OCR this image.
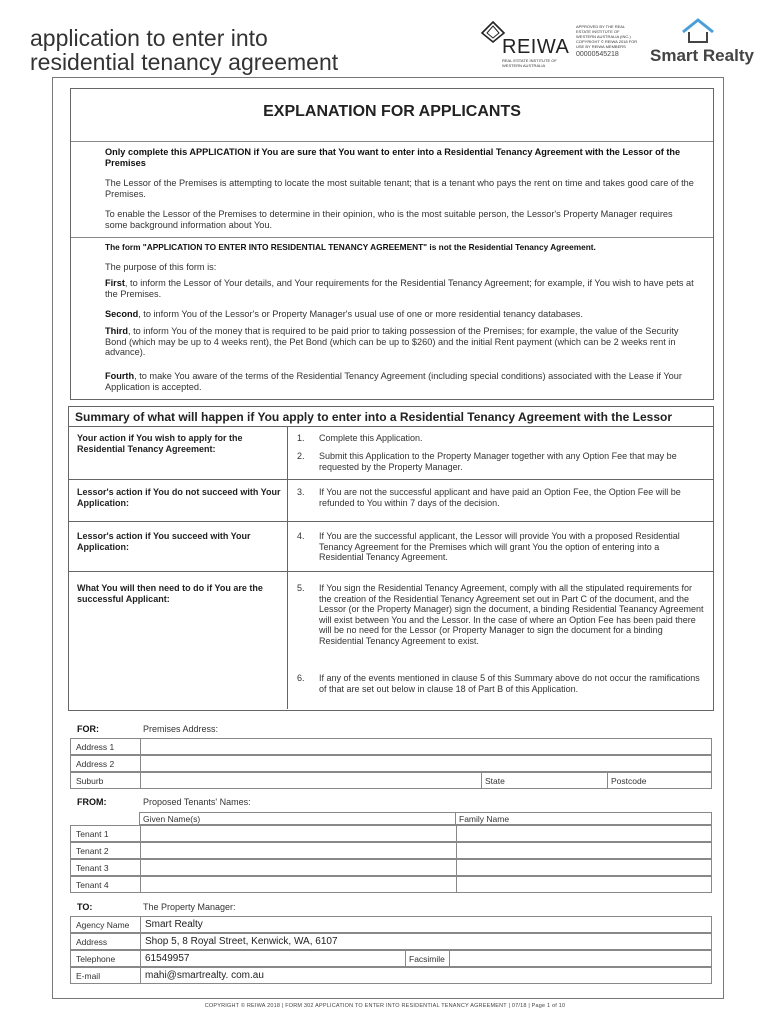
application to enter into
residential tenancy agreement
REIWA
REAL ESTATE INSTITUTE OF WESTERN AUSTRALIA
APPROVED BY THE REAL ESTATE INSTITUTE OF WESTERN AUSTRALIA (INC.) COPYRIGHT © REIWA 2018 FOR USE BY REIWA MEMBERS
0000054521​8	Smart Realty
EXPLANATION FOR APPLICANTS
Only complete this APPLICATION if You are sure that You want to enter into a Residential Tenancy Agreement with the Lessor of the Premises
The Lessor of the Premises is attempting to locate the most suitable tenant; that is a tenant who pays the rent on time and takes good care of the Premises.
To enable the Lessor of the Premises to determine in their opinion, who is the most suitable person, the Lessor's Property Manager requires some background information about You.
The form "APPLICATION TO ENTER INTO RESIDENTIAL TENANCY AGREEMENT" is not the Residential Tenancy Agreement.
The purpose of this form is:
First, to inform the Lessor of Your details, and Your requirements for the Residential Tenancy Agreement; for example, if You wish to have pets at the Premises.
Second, to inform You of the Lessor's or Property Manager's usual use of one or more residential tenancy databases.
Third, to inform You of the money that is required to be paid prior to taking possession of the Premises; for example, the value of the Security Bond (which may be up to 4 weeks rent), the Pet Bond (which can be up to $260) and the initial Rent payment (which can be 2 weeks rent in advance).
Fourth, to make You aware of the terms of the Residential Tenancy Agreement (including special conditions) associated with the Lease if Your Application is accepted.
Summary of what will happen if You apply to enter into a Residential Tenancy Agreement with the Lessor
Your action if You wish to apply for the Residential Tenancy Agreement:
1.	Complete this Application.
2.	Submit this Application to the Property Manager together with any Option Fee that may be requested by the Property Manager.
Lessor's action if You do not succeed with Your Application:
3.	If You are not the successful applicant and have paid an Option Fee, the Option Fee will be refunded to You within 7 days of the decision.
Lessor's action if You succeed with Your Application:
4.	If You are the successful applicant, the Lessor will provide You with a proposed Residential Tenancy Agreement for the Premises which will grant You the option of entering into a Residential Tenancy Agreement.
What You will then need to do if You are the successful Applicant:
5.	If You sign the Residential Tenancy Agreement, comply with all the stipulated requirements for the creation of the Residential Tenancy Agreement set out in Part C of the document, and the Lessor (or the Property Manager) sign the document, a binding Residential Teanancy Agreement will exist between You and the Lessor. In the case of where an Option Fee has been paid there will be no need for the Lessor (or Property Manager to sign the document for a binding Residential Tenancy Agreement to exist.
6.	If any of the events mentioned in clause 5 of this Summary above do not occur the ramifications of that are set out below in clause 18 of Part B of this Application.
FOR:	Premises Address:
Address 1
Address 2
Suburb	State	Postcode
FROM:	Proposed Tenants' Names:
Given Name(s)	Family Name
Tenant 1
Tenant 2
Tenant 3
Tenant 4
TO:	The Property Manager:
Agency Name Smart Realty
Address	Shop 5, 8 Royal Street, Kenwick, WA, 6107
Telephone	61549957	Facsimile
E-mail	mahi@smartrealty. com.au
COPYRIGHT © REIWA 2018 | FORM 302 APPLICATION TO ENTER INTO RESIDENTIAL TENANCY AGREEMENT | 07/18 | Page 1 of 10
